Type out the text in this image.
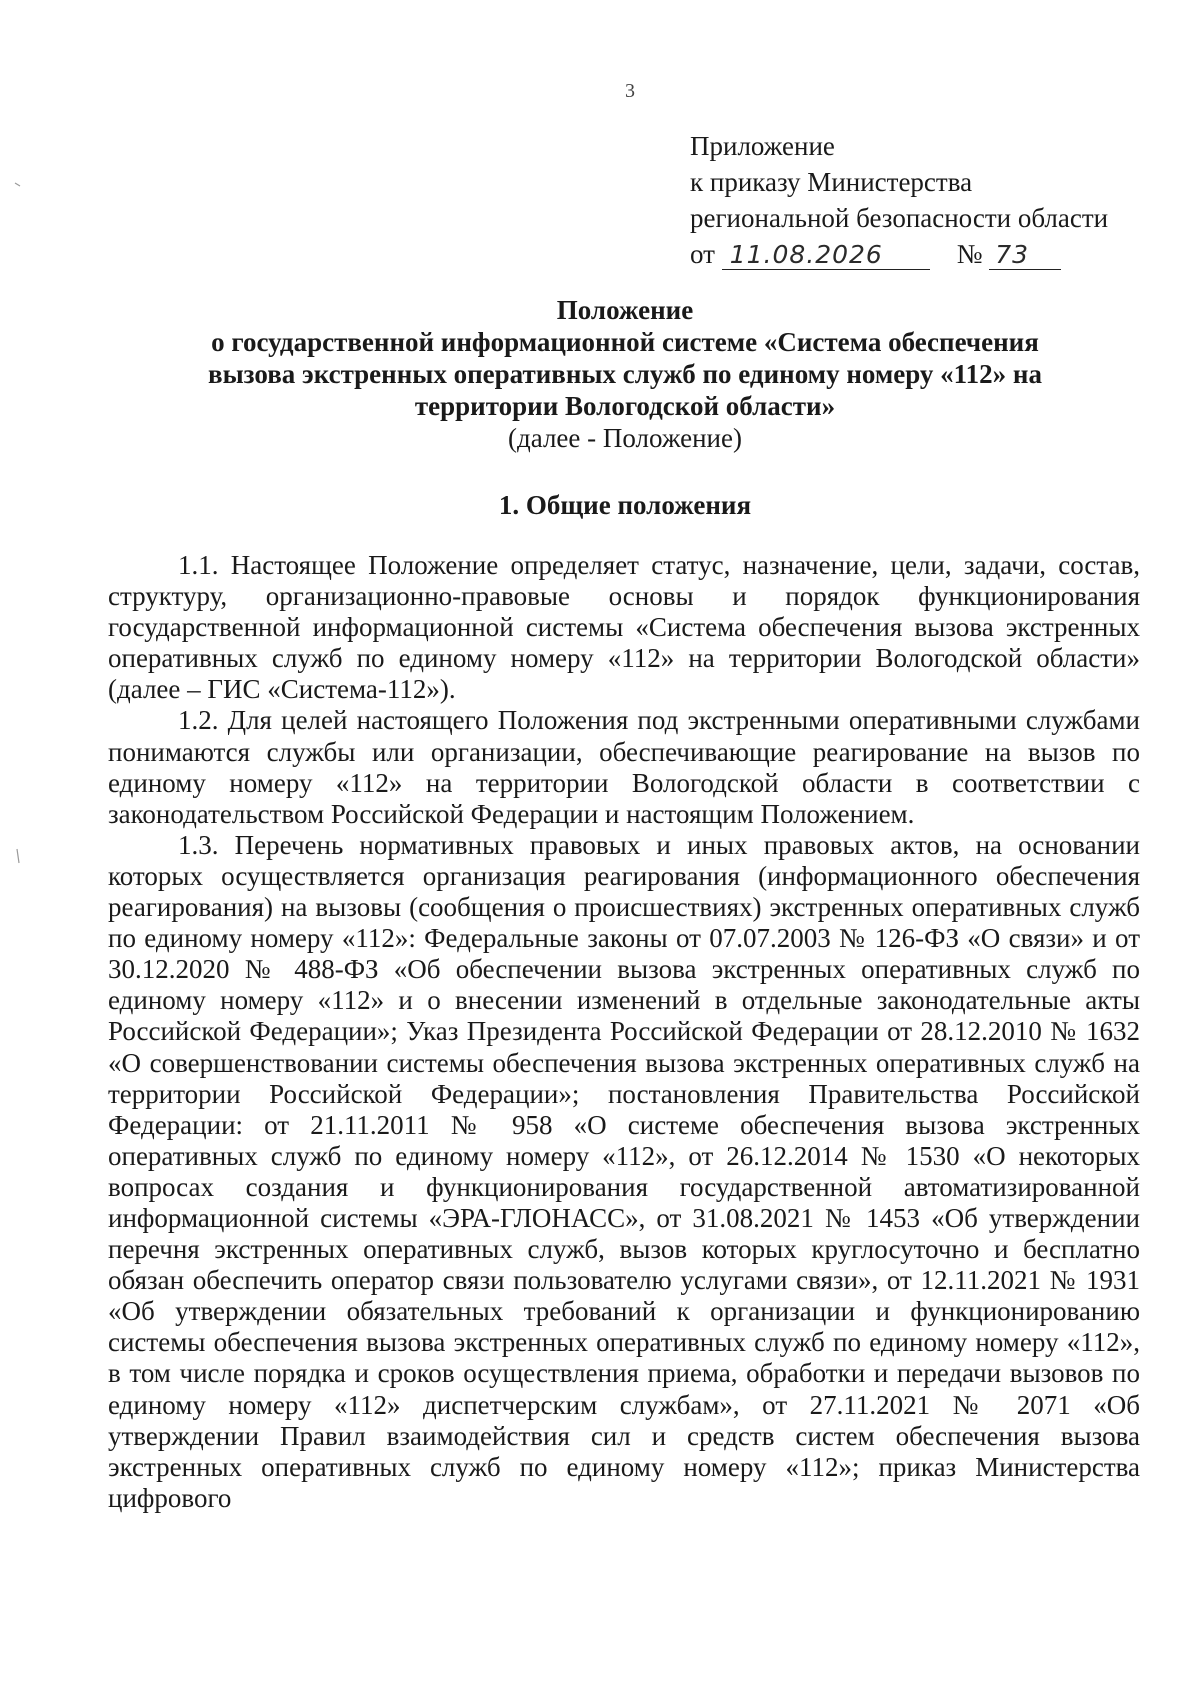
3
Приложение
к приказу Министерства
региональной безопасности области
от 11.08.2026	№ 73
Положение
о государственной информационной системе «Система обеспечения
вызова экстренных оперативных служб по единому номеру «112» на
территории Вологодской области»
(далее - Положение)
1. Общие положения

1.1. Настоящее Положение определяет статус, назначение, цели, задачи, состав, структуру, организационно-правовые основы и порядок функционирования государственной информационной системы «Система обеспечения вызова экстренных оперативных служб по единому номеру «112» на территории Вологодской области» (далее – ГИС «Система-112»).

1.2. Для целей настоящего Положения под экстренными оперативными службами понимаются службы или организации, обеспечивающие реагирование на вызов по единому номеру «112» на территории Вологодской области в соответствии с законодательством Российской Федерации и настоящим Положением.

1.3. Перечень нормативных правовых и иных правовых актов, на основании которых осуществляется организация реагирования (информационного обеспечения реагирования) на вызовы (сообщения о происшествиях) экстренных оперативных служб по единому номеру «112»: Федеральные законы от 07.07.2003 № 126-ФЗ «О связи» и от 30.12.2020 № 488-ФЗ «Об обеспечении вызова экстренных оперативных служб по единому номеру «112» и о внесении изменений в отдельные законодательные акты Российской Федерации»; Указ Президента Российской Федерации от 28.12.2010 № 1632 «О совершенствовании системы обеспечения вызова экстренных оперативных служб на территории Российской Федерации»; постановления Правительства Российской Федерации: от 21.11.2011 № 958 «О системе обеспечения вызова экстренных оперативных служб по единому номеру «112», от 26.12.2014 № 1530 «О некоторых вопросах создания и функционирования государственной автоматизированной информационной системы «ЭРА-ГЛОНАСС», от 31.08.2021 № 1453 «Об утверждении перечня экстренных оперативных служб, вызов которых круглосуточно и бесплатно обязан обеспечить оператор связи пользователю услугами связи», от 12.11.2021 № 1931 «Об утверждении обязательных требований к организации и функционированию системы обеспечения вызова экстренных оперативных служб по единому номеру «112», в том числе порядка и сроков осуществления приема, обработки и передачи вызовов по единому номеру «112» диспетчерским службам», от 27.11.2021 № 2071 «Об утверждении Правил взаимодействия сил и средств систем обеспечения вызова экстренных оперативных служб по единому номеру «112»; приказ Министерства цифрового
